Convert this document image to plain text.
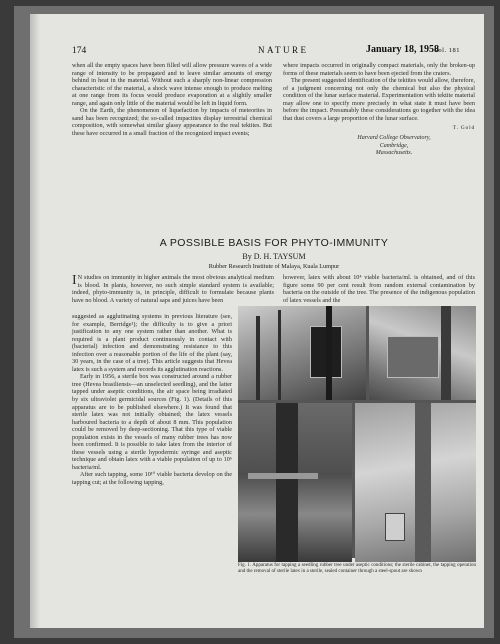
174	NATURE	January 18, 1958
Vol. 181

when all the empty spaces have been filled will allow pressure waves of a wide range of intensity to be propagated and to leave similar amounts of energy behind in heat in the material. Without such a sharply non-linear compression characteristic of the material, a shock wave intense enough to produce melting at one range from its focus would produce evaporation at a slightly smaller range, and again only little of the material would be left in liquid form.

On the Earth, the phenomenon of liquefaction by impacts of meteorites in sand has been recognized; the so-called impactites display terrestrial chemical composition, with somewhat similar glassy appearance to the real tektites. But these have occurred in a small fraction of the recognized impact events;

where impacts occurred in originally compact materials, only the broken-up forms of these materials seem to have been ejected from the craters.

The present suggested identification of the tektites would allow, therefore, of a judgment concerning not only the chemical but also the physical condition of the lunar surface material. Experimentation with tektite material may allow one to specify more precisely in what state it must have been before the impact. Presumably these considerations go together with the idea that dust covers a large proportion of the lunar surface.

T. Gold
Harvard College Observatory,
Cambridge,
Massachusetts.
A POSSIBLE BASIS FOR PHYTO-IMMUNITY
By D. H. TAYSUM
Rubber Research Institute of Malaya, Kuala Lumpur

I N studies on immunity in higher animals the most obvious analytical medium is blood. In plants, however, no such simple standard system is available; indeed, phyto-immunity is, in principle, difficult to formulate because plants have no blood. A variety of natural saps and juices have been

suggested as agglutinating systems in previous literature (see, for example, Berridge¹); the difficulty is to give a priori justification to any one system rather than another. What is required is a plant product continuously in contact with (bacterial) infection and demonstrating resistance to this infection over a reasonable portion of the life of the plant (say, 30 years, in the case of a tree). This article suggests that Hevea latex is such a system and records its agglutination reactions.

Early in 1956, a sterile box was constructed around a rubber tree (Hevea brasiliensis—an unselected seedling), and the latter tapped under aseptic conditions, the air space being irradiated by six ultraviolet germicidal sources (Fig. 1). (Details of this apparatus are to be published elsewhere.) It was found that sterile latex was not initially obtained; the latex vessels harboured bacteria to a depth of about 8 mm. This population could be removed by deep-sectioning. That this type of viable population exists in the vessels of many rubber trees has now been confirmed. It is possible to take latex from the interior of these vessels using a sterile hypodermic syringe and aseptic technique and obtain latex with a viable population of up to 10⁶ bacteria/ml.

After such tapping, some 10¹⁰ viable bacteria develop on the tapping cut; at the following tapping,

however, latex with about 10⁴ viable bacteria/ml. is obtained, and of this figure some 90 per cent result from random external contamination by bacteria on the outside of the tree. The presence of the indigenous population of latex vessels and the

Fig. 1. Apparatus for tapping a seedling rubber tree under aseptic conditions; the sterile cabinet, the tapping operation and the removal of sterile latex in a sterile, sealed container through a steel-spout are shown
